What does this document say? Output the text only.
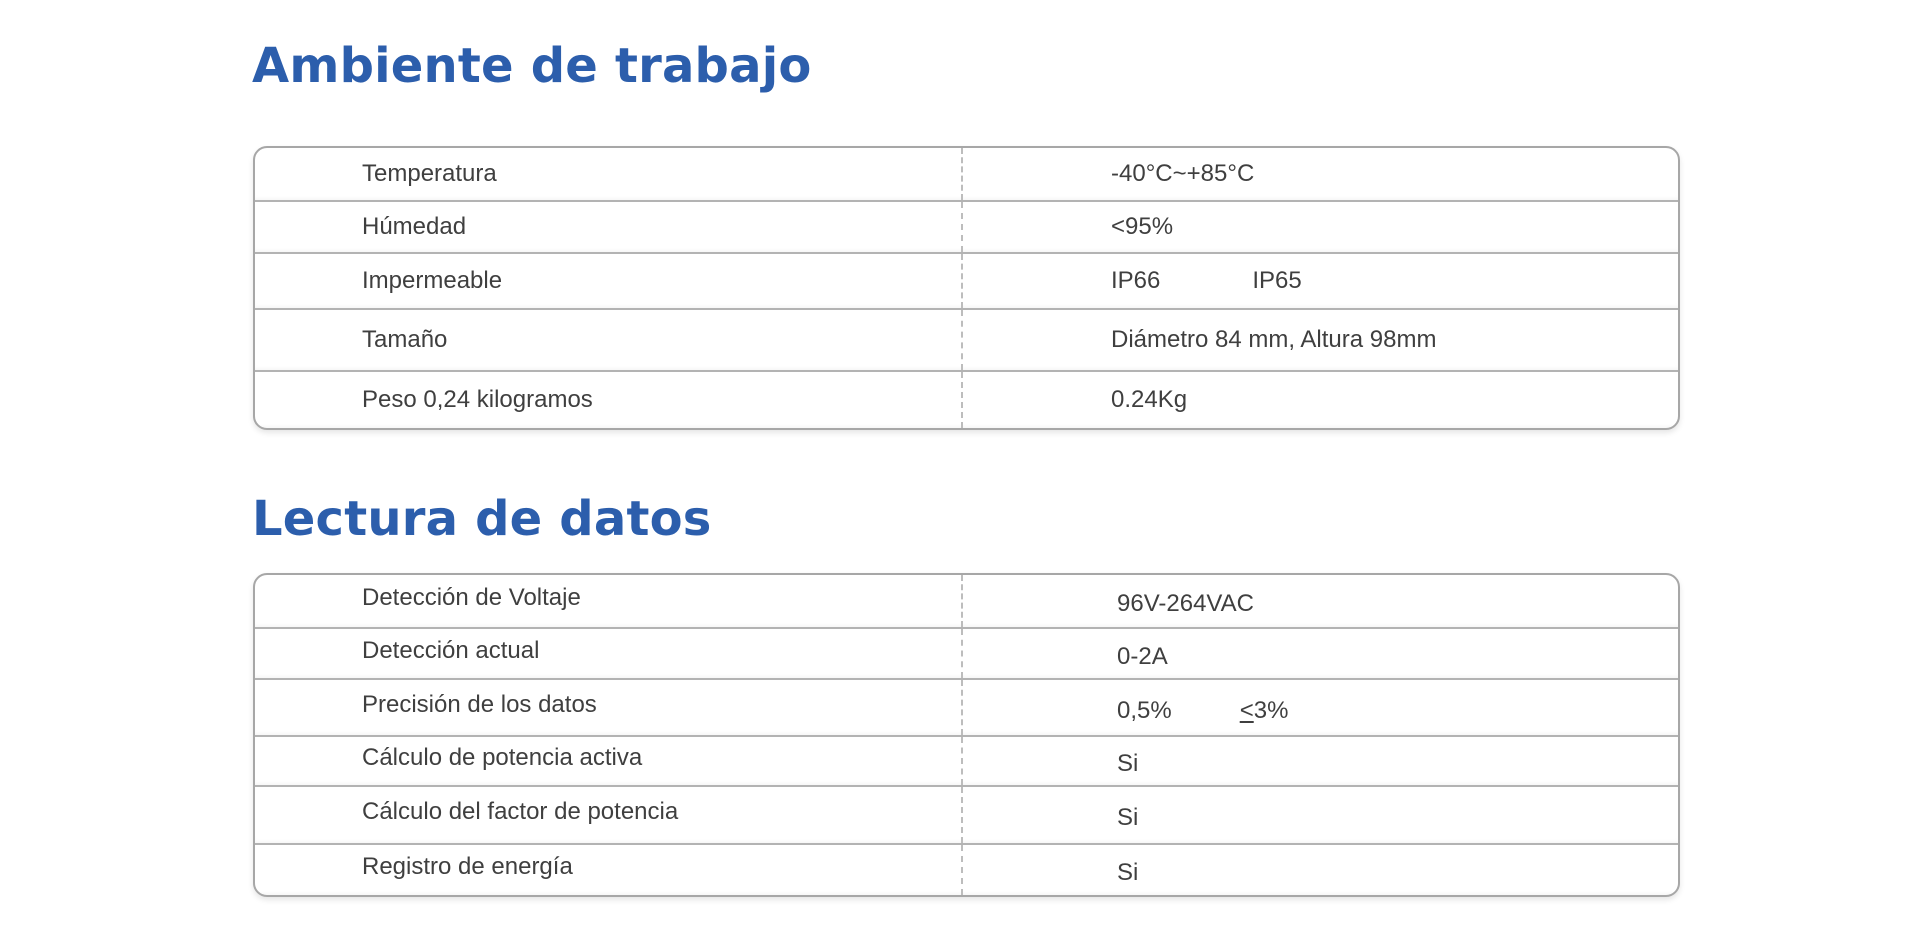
Ambiente de trabajo
Temperatura	-40°C~+85°C
Húmedad	<95%
Impermeable	IP66	IP65
Tamaño	Diámetro 84 mm, Altura 98mm
Peso 0,24 kilogramos	0.24Kg
Lectura de datos
Detección de Voltaje	96V-264VAC
Detección actual	0-2A
Precisión de los datos	0,5%	<3%
Cálculo de potencia activa	Si
Cálculo del factor de potencia	Si
Registro de energía	Si
